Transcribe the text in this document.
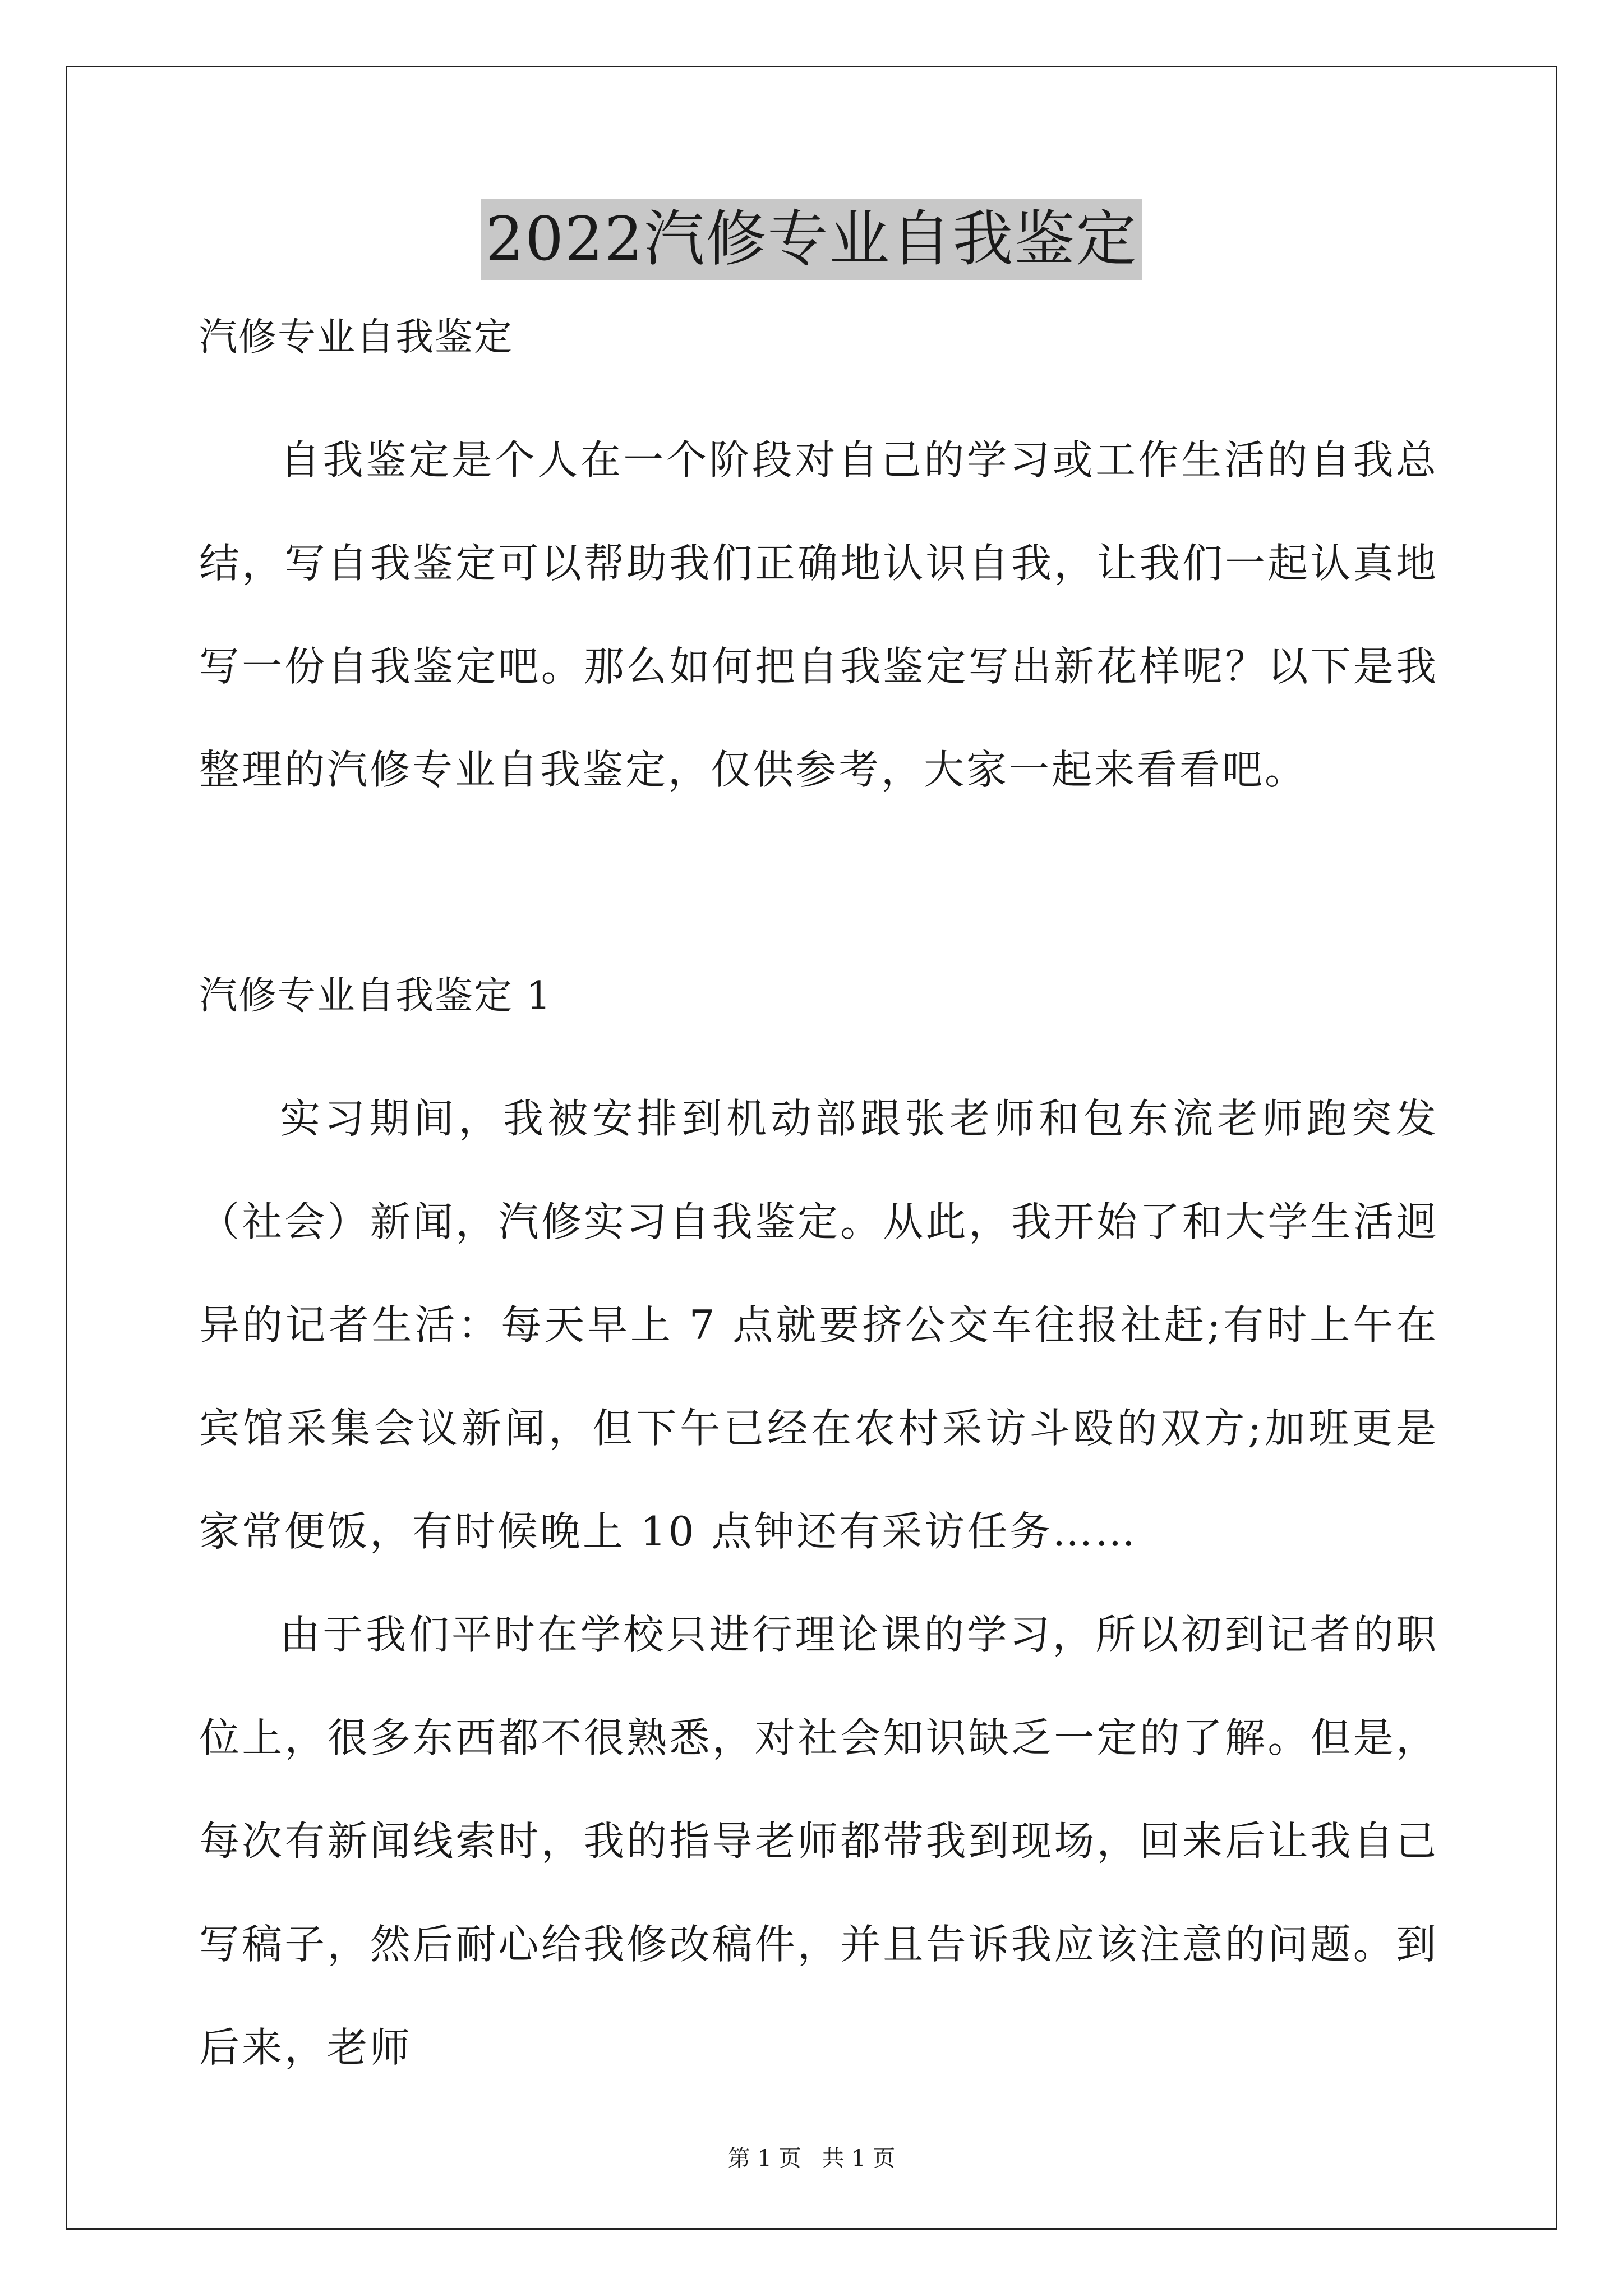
2022汽修专业自我鉴定

汽修专业自我鉴定

自我鉴定是个人在一个阶段对自己的学习或工作生活的自我总结，写自我鉴定可以帮助我们正确地认识自我，让我们一起认真地写一份自我鉴定吧。那么如何把自我鉴定写出新花样呢？以下是我整理的汽修专业自我鉴定，仅供参考，大家一起来看看吧。

汽修专业自我鉴定 1

实习期间，我被安排到机动部跟张老师和包东流老师跑突发（社会）新闻，汽修实习自我鉴定。从此，我开始了和大学生活迥异的记者生活：每天早上 7 点就要挤公交车往报社赶;有时上午在宾馆采集会议新闻，但下午已经在农村采访斗殴的双方;加班更是家常便饭，有时候晚上 10 点钟还有采访任务……

由于我们平时在学校只进行理论课的学习，所以初到记者的职位上，很多东西都不很熟悉，对社会知识缺乏一定的了解。但是，每次有新闻线索时，我的指导老师都带我到现场，回来后让我自己写稿子，然后耐心给我修改稿件，并且告诉我应该注意的问题。到后来，老师

第 1 页 共 1 页
